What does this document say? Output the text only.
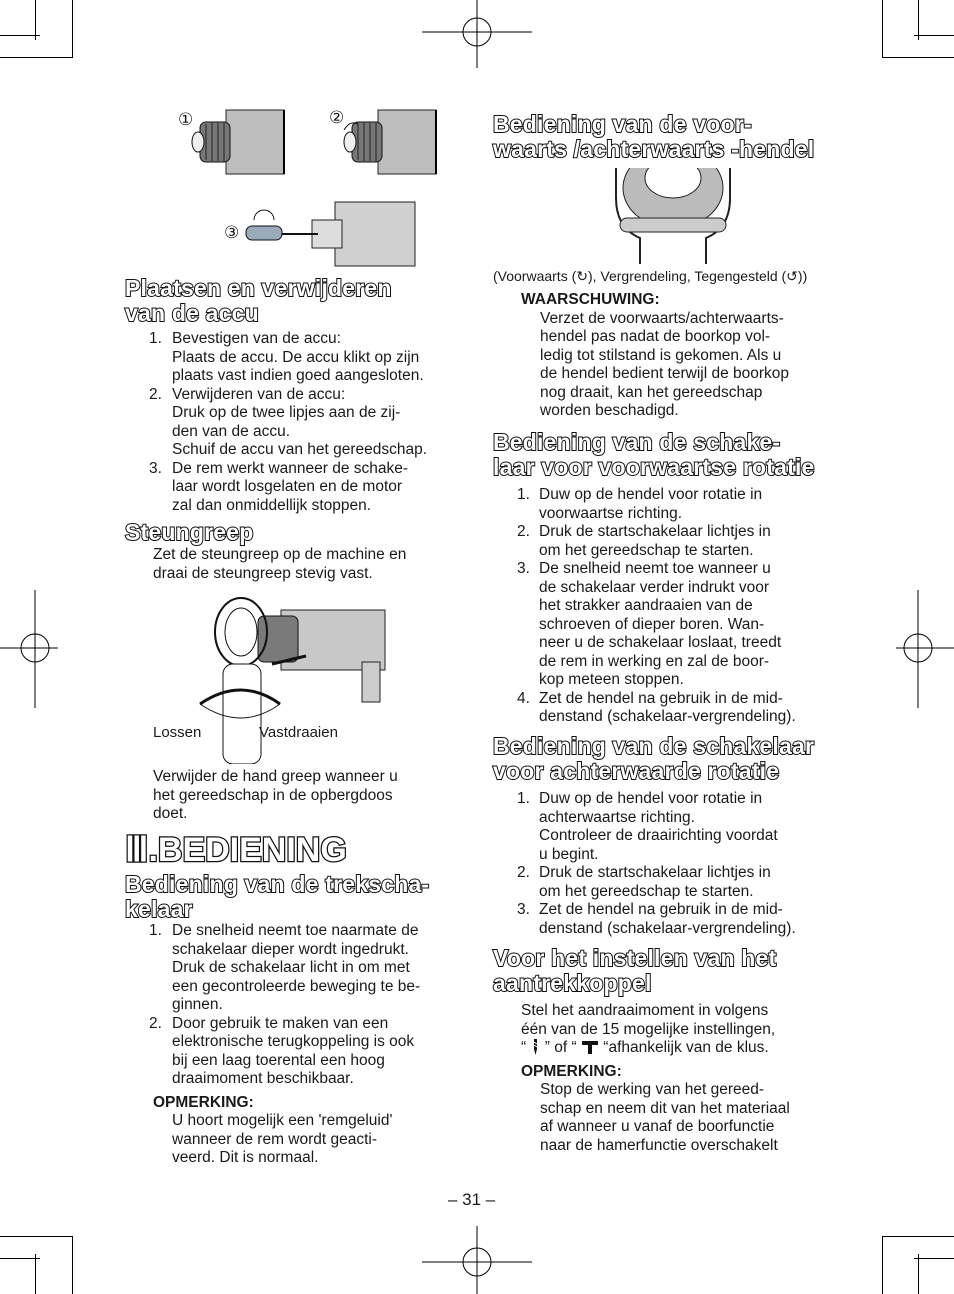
①	②
③
Plaatsen en verwijderen
van de accu
1. Bevestigen van de accu:
Plaats de accu. De accu klikt op zijn
plaats vast indien goed aangesloten.
2. Verwijderen van de accu:
Druk op de twee lipjes aan de zij-
den van de accu.
Schuif de accu van het gereedschap.
3. De rem werkt wanneer de schake-
laar wordt losgelaten en de motor
zal dan onmiddellijk stoppen.
Steungreep

Zet de steungreep op de machine en
draai de steungreep stevig vast.

Lossen	Vastdraaien

Verwijder de hand greep wanneer u
het gereedschap in de opbergdoos
doet.

Ⅲ.BEDIENING
Bediening van de trekscha-
kelaar
1. De snelheid neemt toe naarmate de
schakelaar dieper wordt ingedrukt.
Druk de schakelaar licht in om met
een gecontroleerde beweging te be-
ginnen.
2. Door gebruik te maken van een
elektronische terugkoppeling is ook
bij een laag toerental een hoog
draaimoment beschikbaar.
OPMERKING:

U hoort mogelijk een 'remgeluid'
wanneer de rem wordt geacti-
veerd. Dit is normaal.

Bediening van de voor-
waarts /achterwaarts -hendel
(Voorwaarts (↻), Vergrendeling, Tegengesteld (↺))
WAARSCHUWING:

Verzet de voorwaarts/achterwaarts-
hendel pas nadat de boorkop vol-
ledig tot stilstand is gekomen. Als u
de hendel bedient terwijl de boorkop
nog draait, kan het gereedschap
worden beschadigd.

Bediening van de schake-
laar voor voorwaartse rotatie
1. Duw op de hendel voor rotatie in
voorwaartse richting.
2. Druk de startschakelaar lichtjes in
om het gereedschap te starten.
3. De snelheid neemt toe wanneer u
de schakelaar verder indrukt voor
het strakker aandraaien van de
schroeven of dieper boren. Wan-
neer u de schakelaar loslaat, treedt
de rem in werking en zal de boor-
kop meteen stoppen.
4. Zet de hendel na gebruik in de mid-
denstand (schakelaar-vergrendeling).
Bediening van de schakelaar
voor achterwaarde rotatie
1. Duw op de hendel voor rotatie in
achterwaartse richting.
Controleer de draairichting voordat
u begint.
2. Druk de startschakelaar lichtjes in
om het gereedschap te starten.
3. Zet de hendel na gebruik in de mid-
denstand (schakelaar-vergrendeling).
Voor het instellen van het
aantrekkoppel

Stel het aandraaimoment in volgens
één van de 15 mogelijke instellingen,
“ ” of “ “afhankelijk van de klus.

OPMERKING:

Stop de werking van het gereed-
schap en neem dit van het materiaal
af wanneer u vanaf de boorfunctie
naar de hamerfunctie overschakelt

– 31 –
